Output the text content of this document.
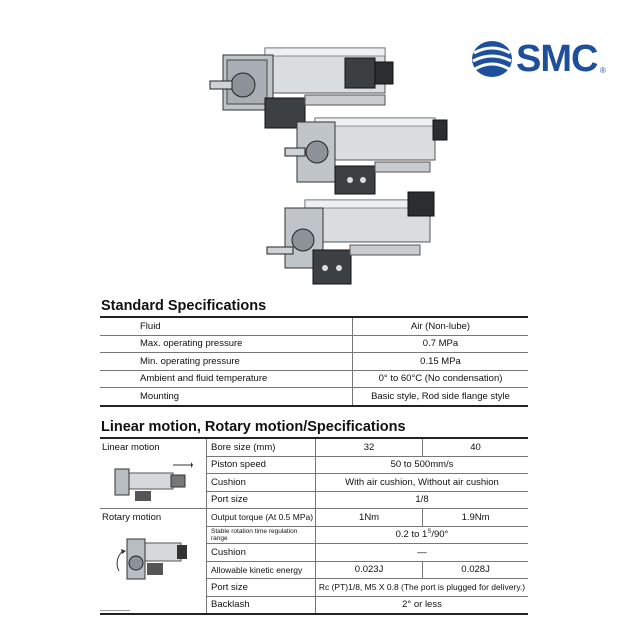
SMC ®
Standard Specifications
Fluid	Air (Non-lube)
Max. operating pressure	0.7 MPa
Min. operating pressure	0.15 MPa
Ambient and fluid temperature	0° to 60°C (No condensation)
Mounting	Basic style, Rod side flange style
Linear motion, Rotary motion/Specifications
Linear motion	Bore size (mm)	32	40
	Piston speed	50 to 500mm/s	
	Cushion	With air cushion, Without air cushion	
	Port size	1/8	

Rotary motion	Output torque (At 0.5 MPa)	1Nm	1.9Nm
	Stable rotation time regulation range	0.2 to $1^S/90^\circ$	
	Cushion	—	
	Allowable kinetic energy	0.023J	0.028J
	Port size	Rc (PT)1/8, M5 X 0.8 (The port is plugged for delivery.)	
	Backlash	2° or less	
